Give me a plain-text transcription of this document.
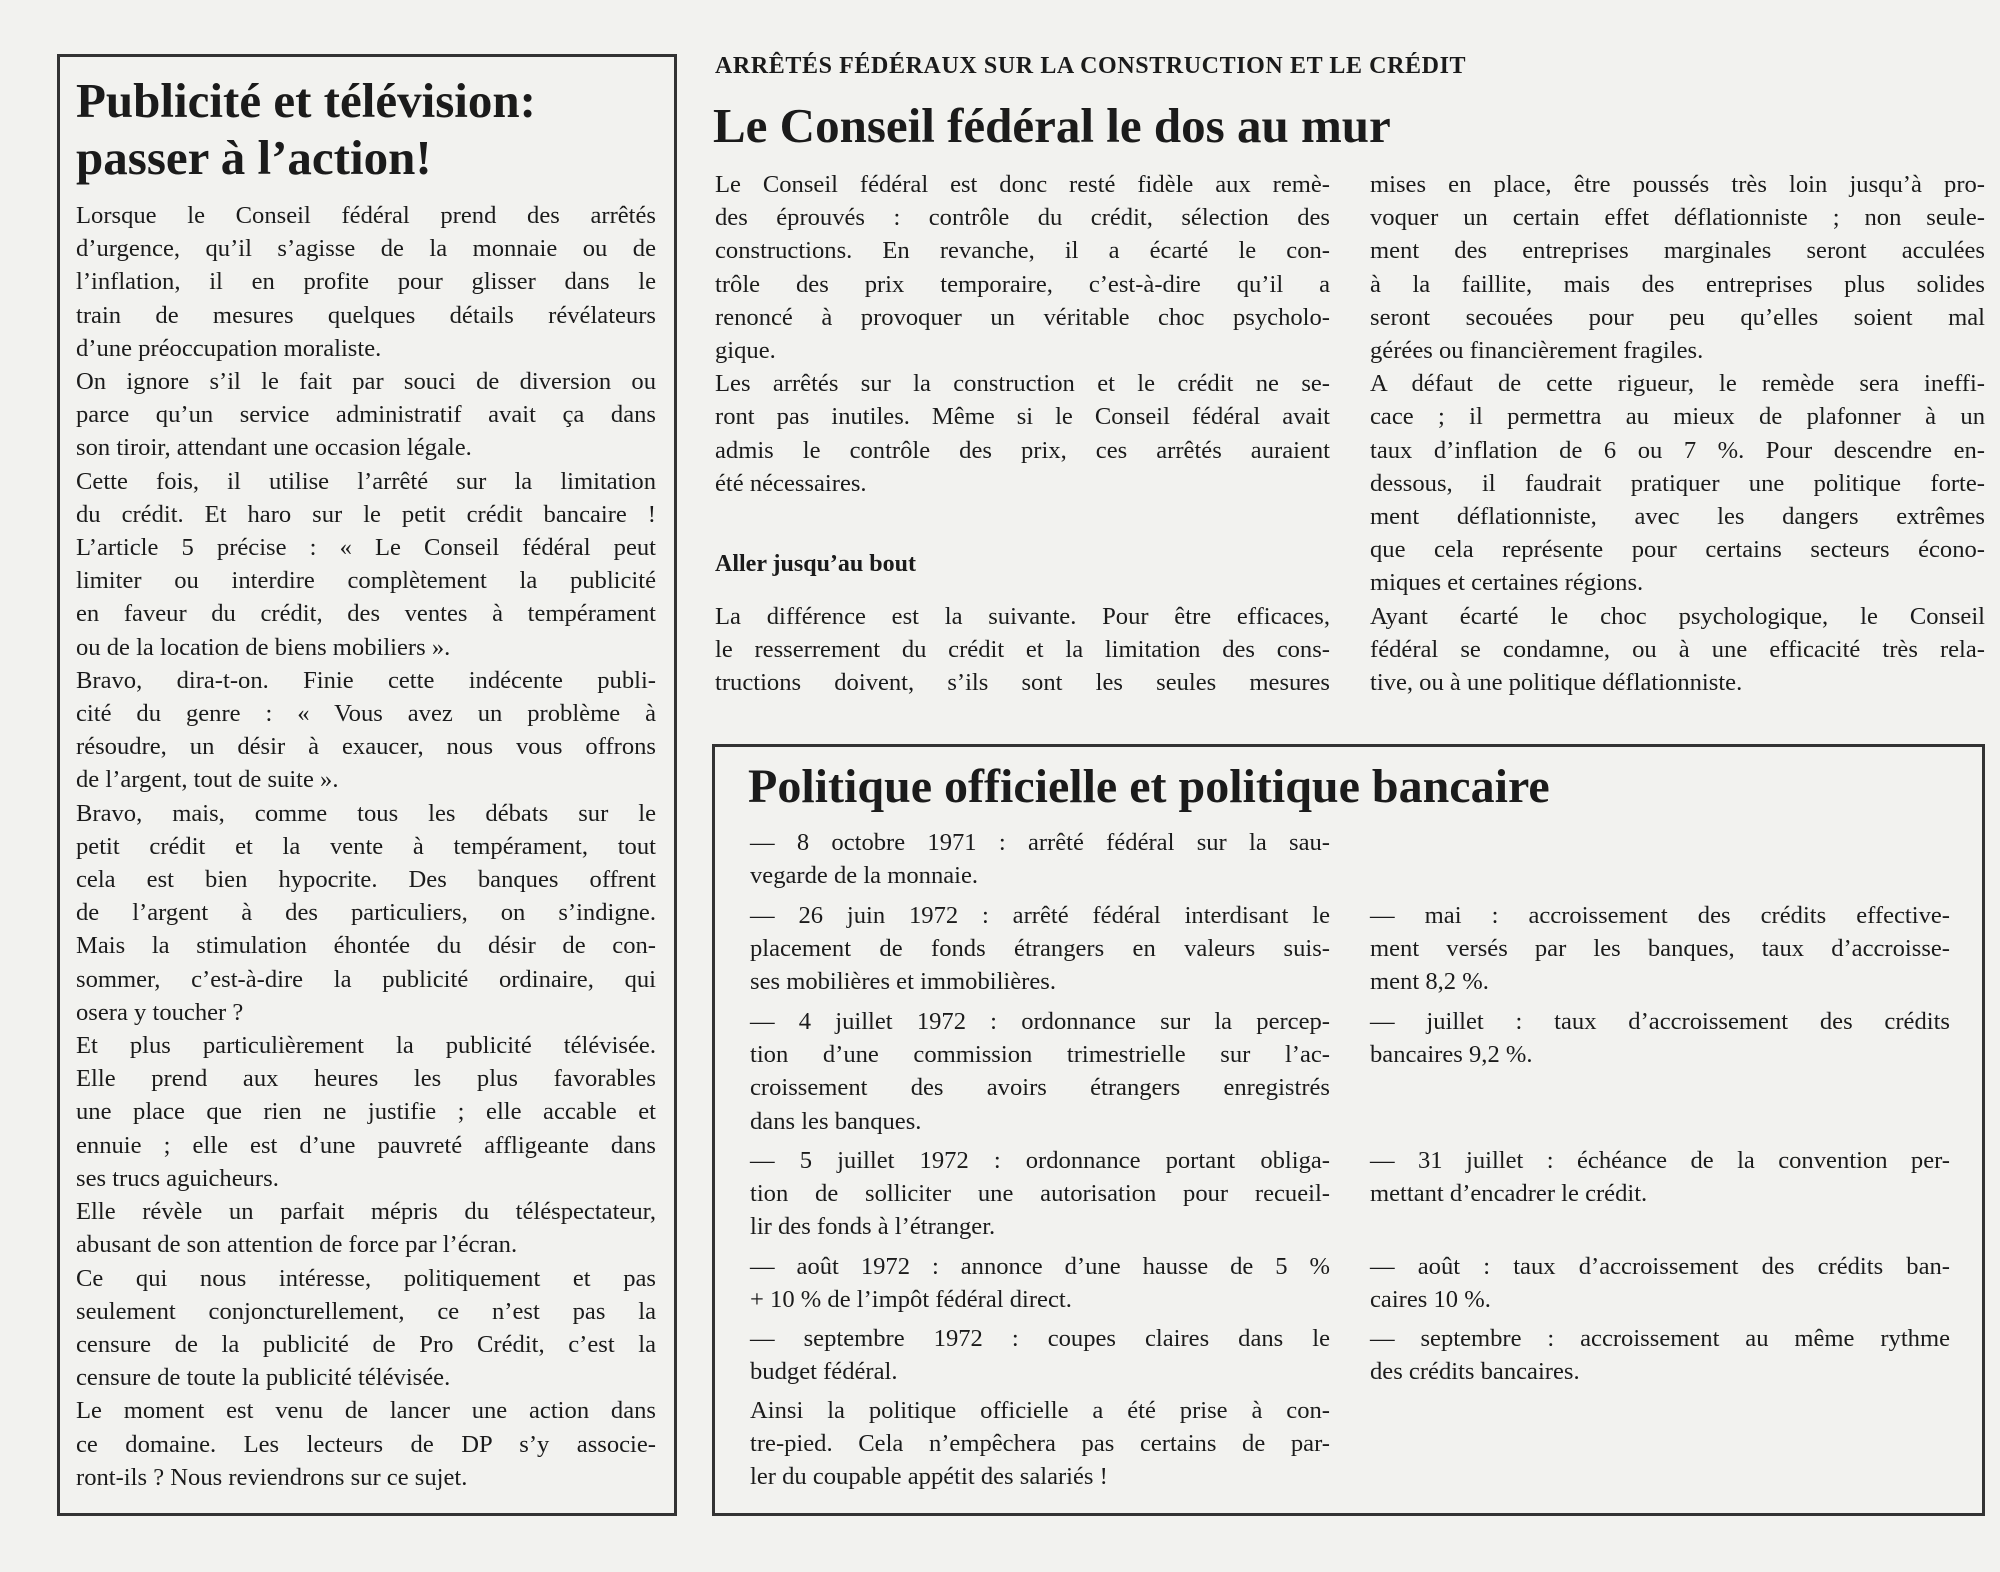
Publicité et télévision:
passer à l’action!

Lorsque le Conseil fédéral prend des arrêtés
d’urgence, qu’il s’agisse de la monnaie ou de
l’inflation, il en profite pour glisser dans le
train de mesures quelques détails révélateurs
d’une préoccupation moraliste.

On ignore s’il le fait par souci de diversion ou
parce qu’un service administratif avait ça dans
son tiroir, attendant une occasion légale.

Cette fois, il utilise l’arrêté sur la limitation
du crédit. Et haro sur le petit crédit bancaire !
L’article 5 précise : « Le Conseil fédéral peut
limiter ou interdire complètement la publicité
en faveur du crédit, des ventes à tempérament
ou de la location de biens mobiliers ».

Bravo, dira-t-on. Finie cette indécente publi-
cité du genre : « Vous avez un problème à
résoudre, un désir à exaucer, nous vous offrons
de l’argent, tout de suite ».

Bravo, mais, comme tous les débats sur le
petit crédit et la vente à tempérament, tout
cela est bien hypocrite. Des banques offrent
de l’argent à des particuliers, on s’indigne.
Mais la stimulation éhontée du désir de con-
sommer, c’est-à-dire la publicité ordinaire, qui
osera y toucher ?

Et plus particulièrement la publicité télévisée.
Elle prend aux heures les plus favorables
une place que rien ne justifie ; elle accable et
ennuie ; elle est d’une pauvreté affligeante dans
ses trucs aguicheurs.

Elle révèle un parfait mépris du téléspectateur,
abusant de son attention de force par l’écran.

Ce qui nous intéresse, politiquement et pas
seulement conjoncturellement, ce n’est pas la
censure de la publicité de Pro Crédit, c’est la
censure de toute la publicité télévisée.

Le moment est venu de lancer une action dans
ce domaine. Les lecteurs de DP s’y associe-
ront-ils ? Nous reviendrons sur ce sujet.

ARRÊTÉS FÉDÉRAUX SUR LA CONSTRUCTION ET LE CRÉDIT
Le Conseil fédéral le dos au mur

Le Conseil fédéral est donc resté fidèle aux remè-
des éprouvés : contrôle du crédit, sélection des
constructions. En revanche, il a écarté le con-
trôle des prix temporaire, c’est-à-dire qu’il a
renoncé à provoquer un véritable choc psycholo-
gique.

Les arrêtés sur la construction et le crédit ne se-
ront pas inutiles. Même si le Conseil fédéral avait
admis le contrôle des prix, ces arrêtés auraient
été nécessaires.

Aller jusqu’au bout

La différence est la suivante. Pour être efficaces,
le resserrement du crédit et la limitation des cons-
tructions doivent, s’ils sont les seules mesures

mises en place, être poussés très loin jusqu’à pro-
voquer un certain effet déflationniste ; non seule-
ment des entreprises marginales seront acculées
à la faillite, mais des entreprises plus solides
seront secouées pour peu qu’elles soient mal
gérées ou financièrement fragiles.

A défaut de cette rigueur, le remède sera ineffi-
cace ; il permettra au mieux de plafonner à un
taux d’inflation de 6 ou 7 %. Pour descendre en-
dessous, il faudrait pratiquer une politique forte-
ment déflationniste, avec les dangers extrêmes
que cela représente pour certains secteurs écono-
miques et certaines régions.

Ayant écarté le choc psychologique, le Conseil
fédéral se condamne, ou à une efficacité très rela-
tive, ou à une politique déflationniste.

Politique officielle et politique bancaire

— 8 octobre 1971 : arrêté fédéral sur la sau-
vegarde de la monnaie.

— 26 juin 1972 : arrêté fédéral interdisant le
placement de fonds étrangers en valeurs suis-
ses mobilières et immobilières.

— 4 juillet 1972 : ordonnance sur la percep-
tion d’une commission trimestrielle sur l’ac-
croissement des avoirs étrangers enregistrés
dans les banques.

— 5 juillet 1972 : ordonnance portant obliga-
tion de solliciter une autorisation pour recueil-
lir des fonds à l’étranger.

— août 1972 : annonce d’une hausse de 5 %
+ 10 % de l’impôt fédéral direct.

— septembre 1972 : coupes claires dans le
budget fédéral.

Ainsi la politique officielle a été prise à con-
tre-pied. Cela n’empêchera pas certains de par-
ler du coupable appétit des salariés !

— mai : accroissement des crédits effective-
ment versés par les banques, taux d’accroisse-
ment 8,2 %.

— juillet : taux d’accroissement des crédits
bancaires 9,2 %.

— 31 juillet : échéance de la convention per-
mettant d’encadrer le crédit.

— août : taux d’accroissement des crédits ban-
caires 10 %.

— septembre : accroissement au même rythme
des crédits bancaires.
